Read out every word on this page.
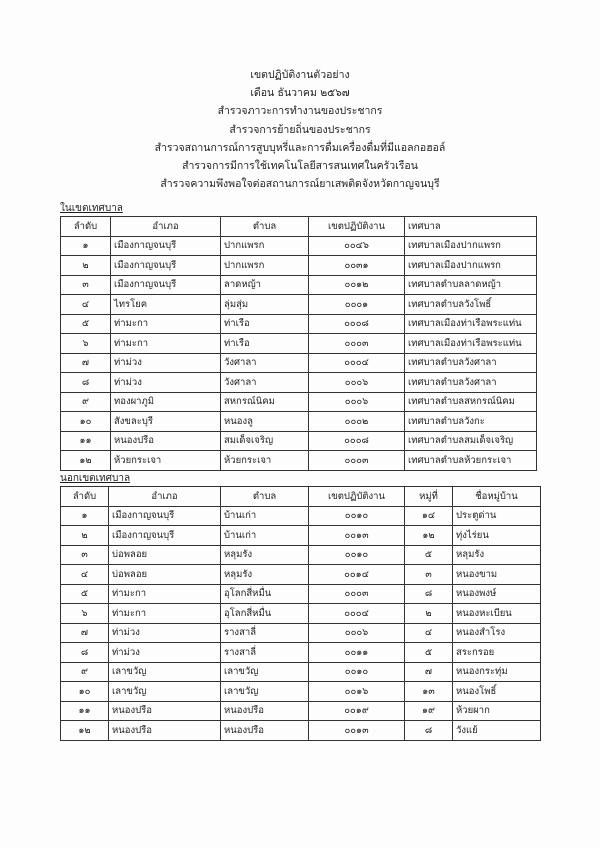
เขตปฏิบัติงานตัวอย่าง
เดือน ธันวาคม ๒๕๖๗
สำรวจภาวะการทำงานของประชากร
สำรวจการย้ายถิ่นของประชากร
สำรวจสถานการณ์การสูบบุหรี่และการดื่มเครื่องดื่มที่มีแอลกอฮอล์
สำรวจการมีการใช้เทคโนโลยีสารสนเทศในครัวเรือน
สำรวจความพึงพอใจต่อสถานการณ์ยาเสพติดจังหวัดกาญจนบุรี
ในเขตเทศบาล
ลำดับ	อำเภอ	ตำบล	เขตปฏิบัติงาน	เทศบาล
๑	เมืองกาญจนบุรี	ปากแพรก	๐๐๔๖	เทศบาลเมืองปากแพรก
๒	เมืองกาญจนบุรี	ปากแพรก	๐๐๓๑	เทศบาลเมืองปากแพรก
๓	เมืองกาญจนบุรี	ลาดหญ้า	๐๐๑๒	เทศบาลตำบลลาดหญ้า
๔	ไทรโยค	ลุ่มสุ่ม	๐๐๐๑	เทศบาลตำบลวังโพธิ์
๕	ท่ามะกา	ท่าเรือ	๐๐๐๘	เทศบาลเมืองท่าเรือพระแท่น
๖	ท่ามะกา	ท่าเรือ	๐๐๐๓	เทศบาลเมืองท่าเรือพระแท่น
๗	ท่าม่วง	วังศาลา	๐๐๐๔	เทศบาลตำบลวังศาลา
๘	ท่าม่วง	วังศาลา	๐๐๐๖	เทศบาลตำบลวังศาลา
๙	ทองผาภูมิ	สหกรณ์นิคม	๐๐๐๖	เทศบาลตำบลสหกรณ์นิคม
๑๐	สังขละบุรี	หนองลู	๐๐๐๒	เทศบาลตำบลวังกะ
๑๑	หนองปรือ	สมเด็จเจริญ	๐๐๐๘	เทศบาลตำบลสมเด็จเจริญ
๑๒	ห้วยกระเจา	ห้วยกระเจา	๐๐๐๓	เทศบาลตำบลห้วยกระเจา
นอกเขตเทศบาล
ลำดับ	อำเภอ	ตำบล	เขตปฏิบัติงาน	หมู่ที่	ชื่อหมู่บ้าน
๑	เมืองกาญจนบุรี	บ้านเก่า	๐๐๑๐	๑๔	ประตูด่าน
๒	เมืองกาญจนบุรี	บ้านเก่า	๐๐๑๓	๑๒	ทุ่งไร่ยน
๓	บ่อพลอย	หลุมรัง	๐๐๑๐	๕	หลุมรัง
๔	บ่อพลอย	หลุมรัง	๐๐๑๔	๓	หนองขาม
๕	ท่ามะกา	อุโลกสี่หมื่น	๐๐๐๓	๘	หนองพงษ์
๖	ท่ามะกา	อุโลกสี่หมื่น	๐๐๐๔	๒	หนองหะเบียน
๗	ท่าม่วง	รางสาลี่	๐๐๐๖	๔	หนองสำโรง
๘	ท่าม่วง	รางสาลี่	๐๐๑๑	๕	สระกรอย
๙	เลาขวัญ	เลาขวัญ	๐๐๑๐	๗	หนองกระทุ่ม
๑๐	เลาขวัญ	เลาขวัญ	๐๐๑๖	๑๓	หนองโพธิ์
๑๑	หนองปรือ	หนองปรือ	๐๐๑๙	๑๙	ห้วยผาก
๑๒	หนองปรือ	หนองปรือ	๐๐๑๓	๘	วังแย้
